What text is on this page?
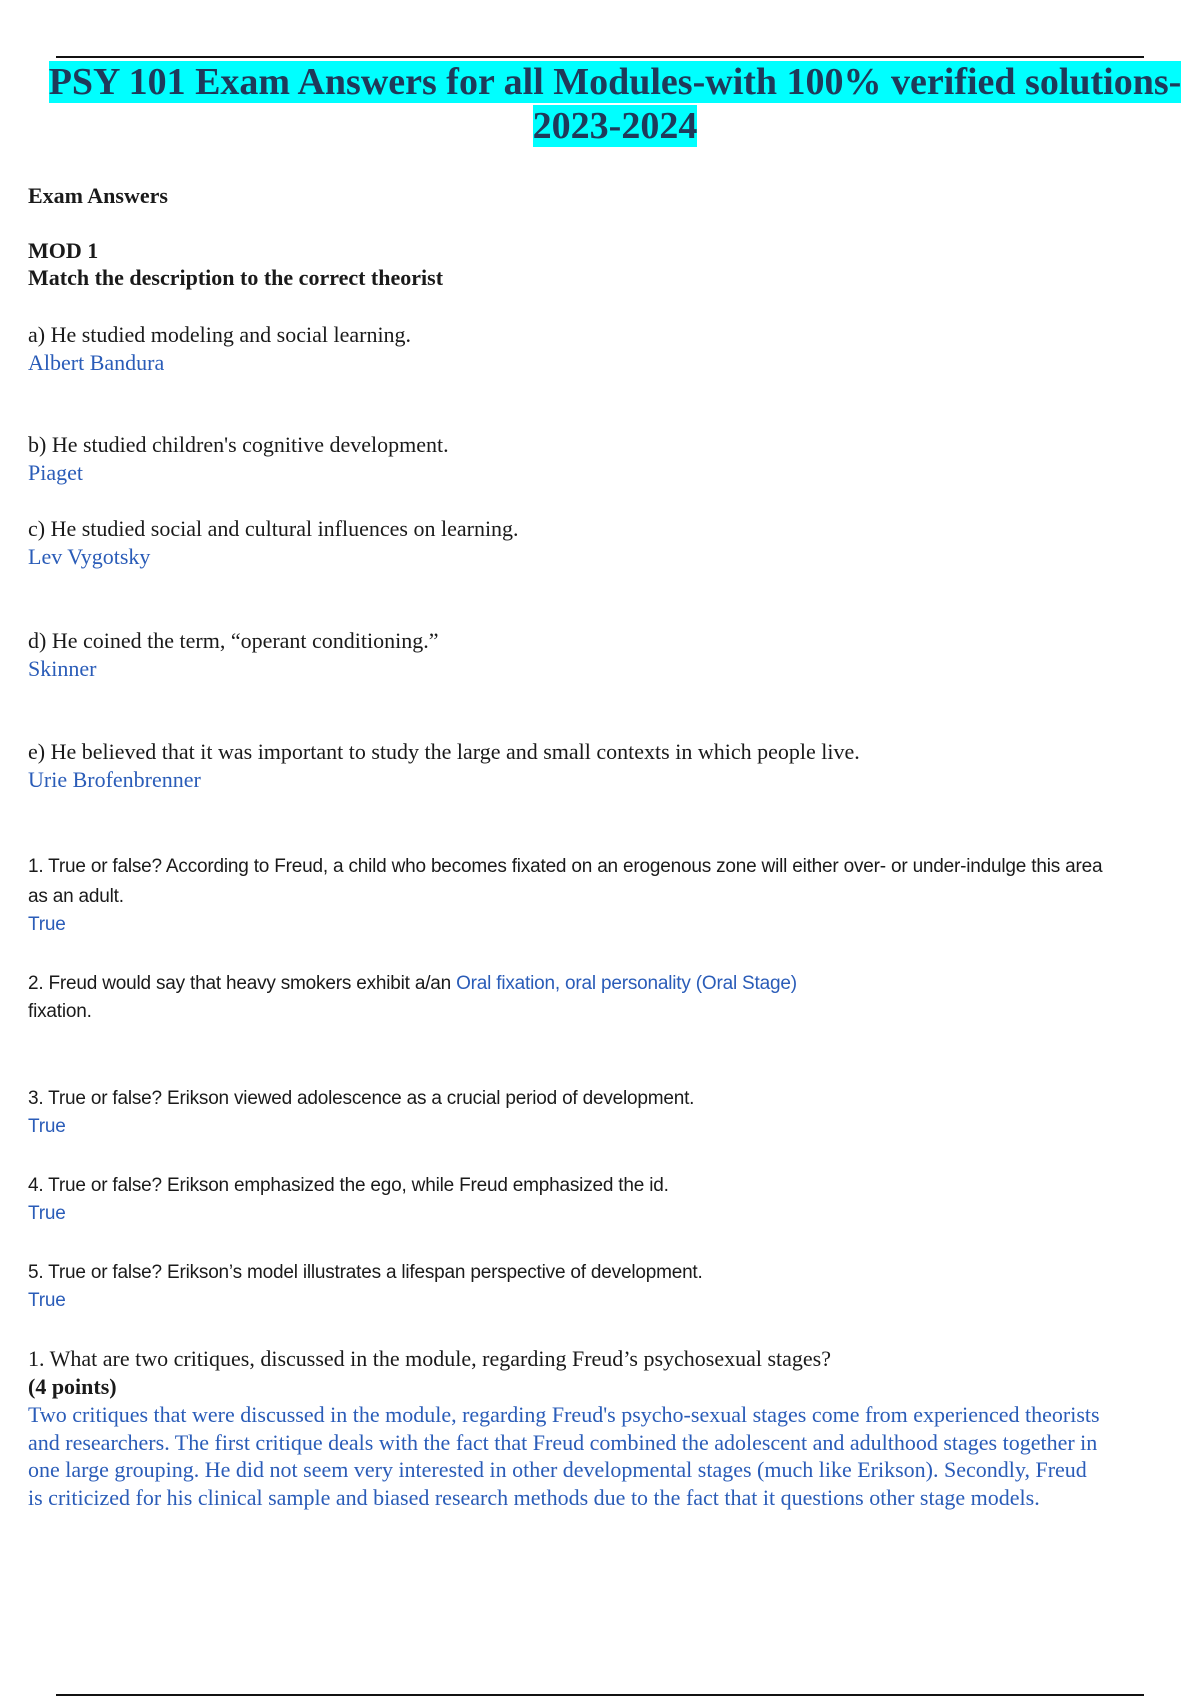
PSY 101 Exam Answers for all Modules-with 100% verified solutions-
2023-2024
Exam Answers
MOD 1
Match the description to the correct theorist
a) He studied modeling and social learning.
Albert Bandura
b) He studied children's cognitive development.
Piaget
c) He studied social and cultural influences on learning.
Lev Vygotsky
d) He coined the term, “operant conditioning.”
Skinner
e) He believed that it was important to study the large and small contexts in which people live.
Urie Brofenbrenner
1. True or false? According to Freud, a child who becomes fixated on an erogenous zone will either over- or under-indulge this area
as an adult.
True
2. Freud would say that heavy smokers exhibit a/an Oral fixation, oral personality (Oral Stage)
fixation.
3. True or false? Erikson viewed adolescence as a crucial period of development.
True
4. True or false? Erikson emphasized the ego, while Freud emphasized the id.
True
5. True or false? Erikson’s model illustrates a lifespan perspective of development.
True
1. What are two critiques, discussed in the module, regarding Freud’s psychosexual stages?
(4 points)
Two critiques that were discussed in the module, regarding Freud's psycho-sexual stages come from experienced theorists
and researchers. The first critique deals with the fact that Freud combined the adolescent and adulthood stages together in
one large grouping. He did not seem very interested in other developmental stages (much like Erikson). Secondly, Freud
is criticized for his clinical sample and biased research methods due to the fact that it questions other stage models.
